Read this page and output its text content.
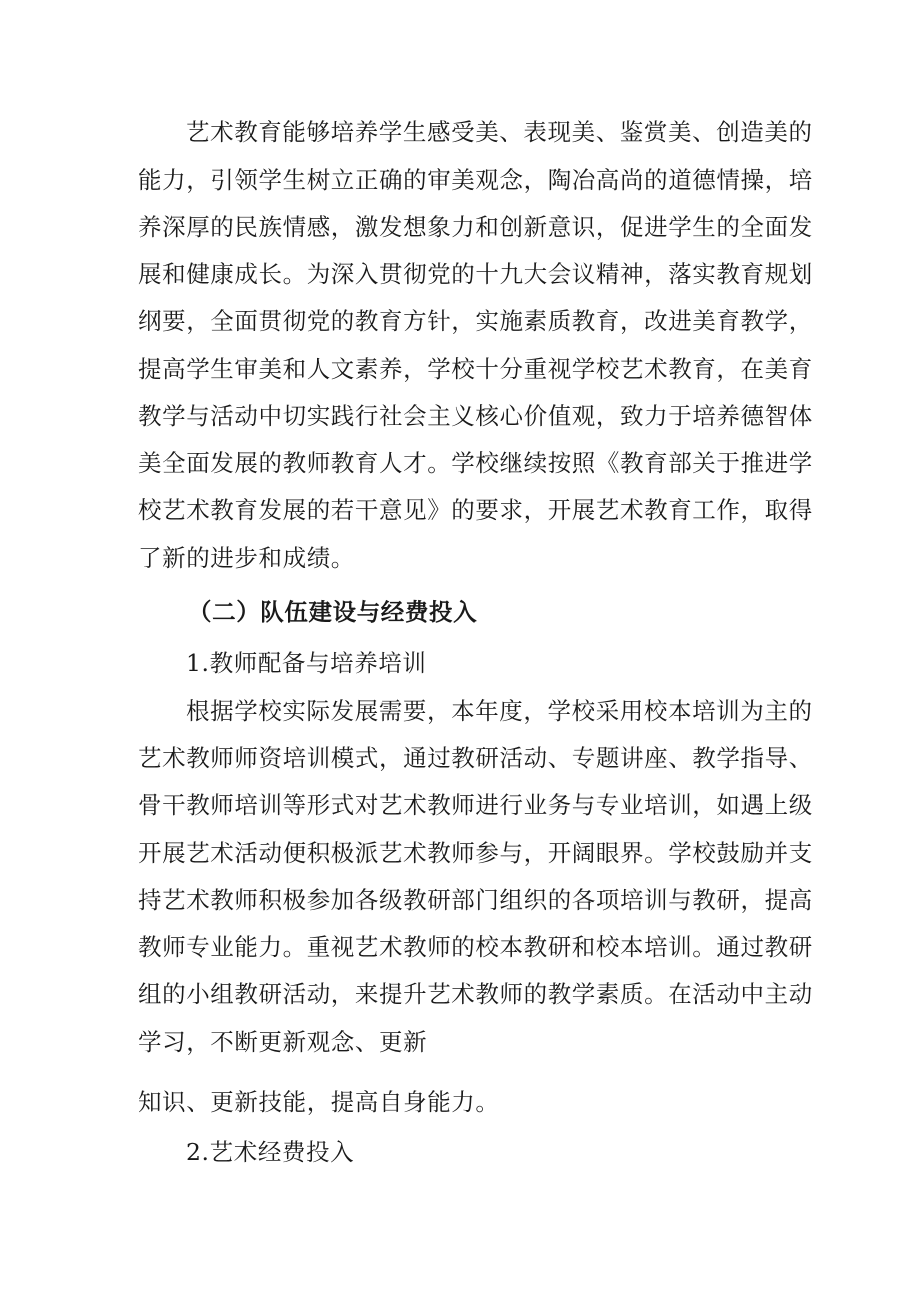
艺术教育能够培养学生感受美、表现美、鉴赏美、创造美的
能力，引领学生树立正确的审美观念，陶冶高尚的道德情操，培
养深厚的民族情感，激发想象力和创新意识，促进学生的全面发
展和健康成长。为深入贯彻党的十九大会议精神，落实教育规划
纲要，全面贯彻党的教育方针，实施素质教育，改进美育教学，
提高学生审美和人文素养，学校十分重视学校艺术教育，在美育
教学与活动中切实践行社会主义核心价值观，致力于培养德智体
美全面发展的教师教育人才。学校继续按照《教育部关于推进学
校艺术教育发展的若干意见》的要求，开展艺术教育工作，取得
了新的进步和成绩。
（二）队伍建设与经费投入
1.教师配备与培养培训
根据学校实际发展需要，本年度，学校采用校本培训为主的
艺术教师师资培训模式，通过教研活动、专题讲座、教学指导、
骨干教师培训等形式对艺术教师进行业务与专业培训，如遇上级
开展艺术活动便积极派艺术教师参与，开阔眼界。学校鼓励并支
持艺术教师积极参加各级教研部门组织的各项培训与教研，提高
教师专业能力。重视艺术教师的校本教研和校本培训。通过教研
组的小组教研活动，来提升艺术教师的教学素质。在活动中主动
学习，不断更新观念、更新
知识、更新技能，提高自身能力。
2.艺术经费投入
